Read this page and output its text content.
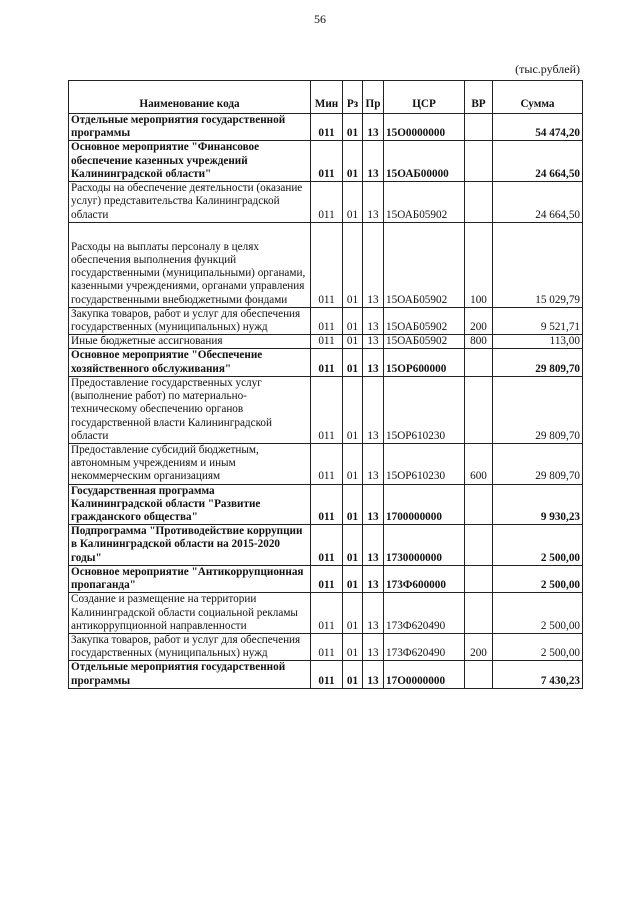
56
(тыс.рублей)
Наименование кода	Мин	Рз	Пр	ЦСР	ВР	Сумма
Отдельные мероприятия государственной программы	011	01	13	15О0000000		54 474,20
Основное мероприятие "Финансовое обеспечение казенных учреждений Калининградской области"	011	01	13	15ОАБ00000		24 664,50
Расходы на обеспечение деятельности (оказание услуг) представительства Калининградской области	011	01	13	15ОАБ05902		24 664,50
Расходы на выплаты персоналу в целях обеспечения выполнения функций государственными (муниципальными) органами, казенными учреждениями, органами управления государственными внебюджетными фондами	011	01	13	15ОАБ05902	100	15 029,79
Закупка товаров, работ и услуг для обеспечения государственных (муниципальных) нужд	011	01	13	15ОАБ05902	200	9 521,71
Иные бюджетные ассигнования	011	01	13	15ОАБ05902	800	113,00
Основное мероприятие "Обеспечение хозяйственного обслуживания"	011	01	13	15ОР600000		29 809,70
Предоставление государственных услуг (выполнение работ) по материально-техническому обеспечению органов государственной власти Калининградской области	011	01	13	15ОР610230		29 809,70
Предоставление субсидий бюджетным, автономным учреждениям и иным некоммерческим организациям	011	01	13	15ОР610230	600	29 809,70
Государственная программа Калининградской области "Развитие гражданского общества"	011	01	13	1700000000		9 930,23
Подпрограмма "Противодействие коррупции в Калининградской области на 2015-2020 годы"	011	01	13	1730000000		2 500,00
Основное мероприятие "Антикоррупционная пропаганда"	011	01	13	173Ф600000		2 500,00
Создание и размещение на территории Калининградской области социальной рекламы антикоррупционной направленности	011	01	13	173Ф620490		2 500,00
Закупка товаров, работ и услуг для обеспечения государственных (муниципальных) нужд	011	01	13	173Ф620490	200	2 500,00
Отдельные мероприятия государственной программы	011	01	13	17О0000000		7 430,23
